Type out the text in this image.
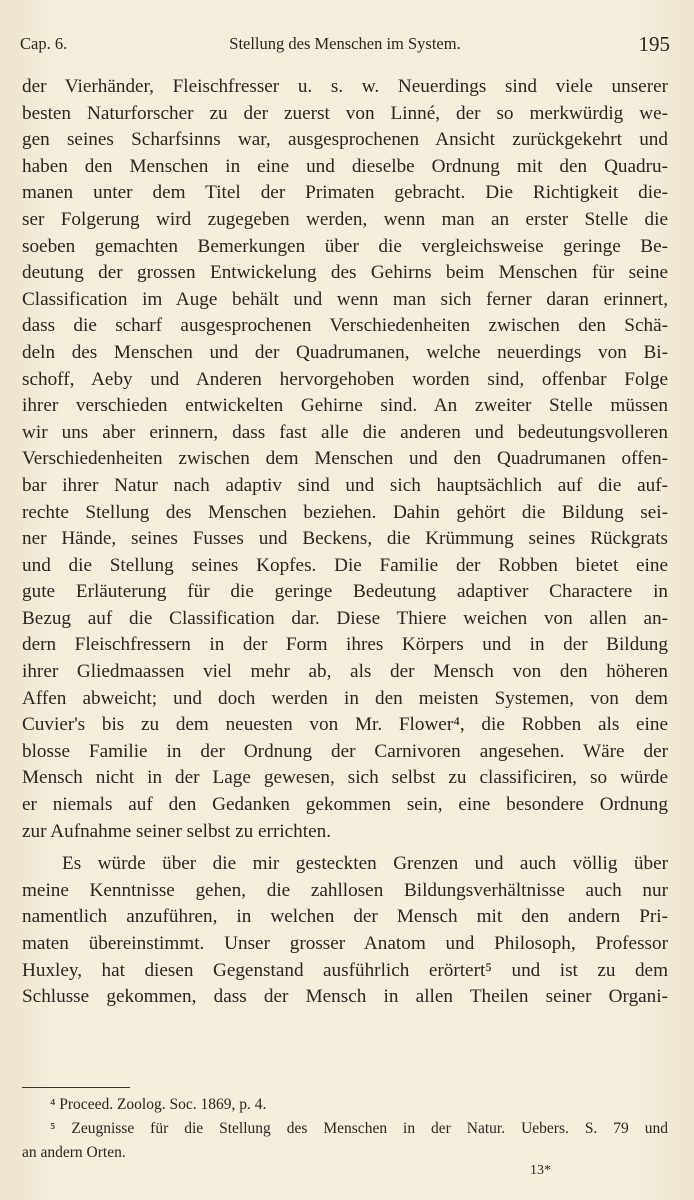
Cap. 6.	Stellung des Menschen im System.	195
der Vierhänder, Fleischfresser u. s. w. Neuerdings sind viele unserer
besten Naturforscher zu der zuerst von Linné, der so merkwürdig we-
gen seines Scharfsinns war, ausgesprochenen Ansicht zurückgekehrt und
haben den Menschen in eine und dieselbe Ordnung mit den Quadru-
manen unter dem Titel der Primaten gebracht. Die Richtigkeit die-
ser Folgerung wird zugegeben werden, wenn man an erster Stelle die
soeben gemachten Bemerkungen über die vergleichsweise geringe Be-
deutung der grossen Entwickelung des Gehirns beim Menschen für seine
Classification im Auge behält und wenn man sich ferner daran erinnert,
dass die scharf ausgesprochenen Verschiedenheiten zwischen den Schä-
deln des Menschen und der Quadrumanen, welche neuerdings von Bi-
schoff, Aeby und Anderen hervorgehoben worden sind, offenbar Folge
ihrer verschieden entwickelten Gehirne sind. An zweiter Stelle müssen
wir uns aber erinnern, dass fast alle die anderen und bedeutungsvolleren
Verschiedenheiten zwischen dem Menschen und den Quadrumanen offen-
bar ihrer Natur nach adaptiv sind und sich hauptsächlich auf die auf-
rechte Stellung des Menschen beziehen. Dahin gehört die Bildung sei-
ner Hände, seines Fusses und Beckens, die Krümmung seines Rückgrats
und die Stellung seines Kopfes. Die Familie der Robben bietet eine
gute Erläuterung für die geringe Bedeutung adaptiver Charactere in
Bezug auf die Classification dar. Diese Thiere weichen von allen an-
dern Fleischfressern in der Form ihres Körpers und in der Bildung
ihrer Gliedmaassen viel mehr ab, als der Mensch von den höheren
Affen abweicht; und doch werden in den meisten Systemen, von dem
Cuvier's bis zu dem neuesten von Mr. Flower⁴, die Robben als eine
blosse Familie in der Ordnung der Carnivoren angesehen. Wäre der
Mensch nicht in der Lage gewesen, sich selbst zu classificiren, so würde
er niemals auf den Gedanken gekommen sein, eine besondere Ordnung
zur Aufnahme seiner selbst zu errichten.
Es würde über die mir gesteckten Grenzen und auch völlig über
meine Kenntnisse gehen, die zahllosen Bildungsverhältnisse auch nur
namentlich anzuführen, in welchen der Mensch mit den andern Pri-
maten übereinstimmt. Unser grosser Anatom und Philosoph, Professor
Huxley, hat diesen Gegenstand ausführlich erörtert⁵ und ist zu dem
Schlusse gekommen, dass der Mensch in allen Theilen seiner Organi-
⁴ Proceed. Zoolog. Soc. 1869, p. 4.
⁵ Zeugnisse für die Stellung des Menschen in der Natur. Uebers. S. 79 und
an andern Orten.
13*
